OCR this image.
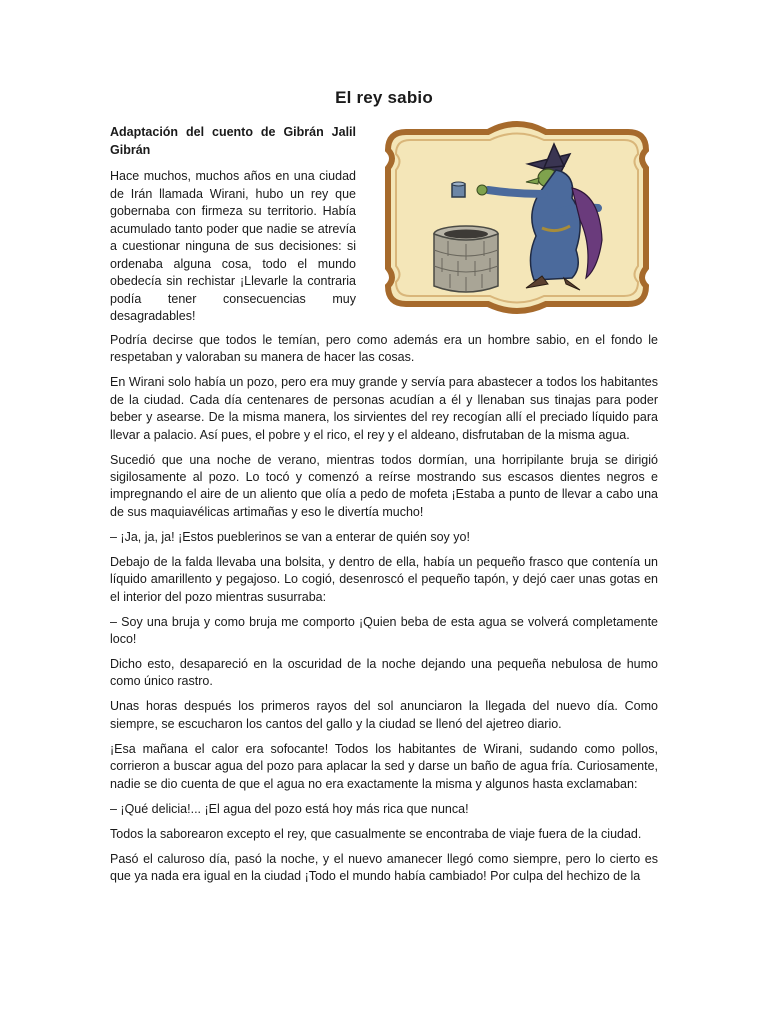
El rey sabio
Adaptación del cuento de Gibrán Jalil Gibrán

Hace muchos, muchos años en una ciudad de Irán llamada Wirani, hubo un rey que gobernaba con firmeza su territorio. Había acumulado tanto poder que nadie se atrevía a cuestionar ninguna de sus decisiones: si ordenaba alguna cosa, todo el mundo obedecía sin rechistar ¡Llevarle la contraria podía tener consecuencias muy desagradables!

Podría decirse que todos le temían, pero como además era un hombre sabio, en el fondo le respetaban y valoraban su manera de hacer las cosas.

En Wirani solo había un pozo, pero era muy grande y servía para abastecer a todos los habitantes de la ciudad. Cada día centenares de personas acudían a él y llenaban sus tinajas para poder beber y asearse. De la misma manera, los sirvientes del rey recogían allí el preciado líquido para llevar a palacio. Así pues, el pobre y el rico, el rey y el aldeano, disfrutaban de la misma agua.

Sucedió que una noche de verano, mientras todos dormían, una horripilante bruja se dirigió sigilosamente al pozo. Lo tocó y comenzó a reírse mostrando sus escasos dientes negros e impregnando el aire de un aliento que olía a pedo de mofeta ¡Estaba a punto de llevar a cabo una de sus maquiavélicas artimañas y eso le divertía mucho!

– ¡Ja, ja, ja! ¡Estos pueblerinos se van a enterar de quién soy yo!

Debajo de la falda llevaba una bolsita, y dentro de ella, había un pequeño frasco que contenía un líquido amarillento y pegajoso. Lo cogió, desenroscó el pequeño tapón, y dejó caer unas gotas en el interior del pozo mientras susurraba:

– Soy una bruja y como bruja me comporto ¡Quien beba de esta agua se volverá completamente loco!

Dicho esto, desapareció en la oscuridad de la noche dejando una pequeña nebulosa de humo como único rastro.

Unas horas después los primeros rayos del sol anunciaron la llegada del nuevo día. Como siempre, se escucharon los cantos del gallo y la ciudad se llenó del ajetreo diario.

¡Esa mañana el calor era sofocante! Todos los habitantes de Wirani, sudando como pollos, corrieron a buscar agua del pozo para aplacar la sed y darse un baño de agua fría. Curiosamente, nadie se dio cuenta de que el agua no era exactamente la misma y algunos hasta exclamaban:

– ¡Qué delicia!... ¡El agua del pozo está hoy más rica que nunca!

Todos la saborearon excepto el rey, que casualmente se encontraba de viaje fuera de la ciudad.

Pasó el caluroso día, pasó la noche, y el nuevo amanecer llegó como siempre, pero lo cierto es que ya nada era igual en la ciudad ¡Todo el mundo había cambiado! Por culpa del hechizo de la
